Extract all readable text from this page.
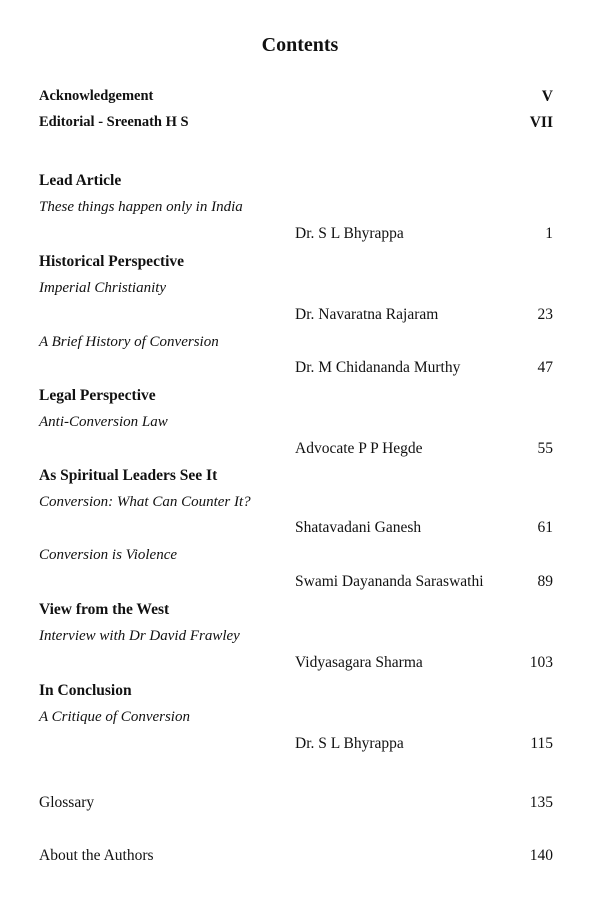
Contents
Acknowledgement	V
Editorial - Sreenath H S	VII
Lead Article
These things happen only in India
Dr. S L Bhyrappa	1
Historical Perspective
Imperial Christianity
Dr. Navaratna Rajaram	23
A Brief History of Conversion
Dr. M Chidananda Murthy	47
Legal Perspective
Anti-Conversion Law
Advocate P P Hegde	55
As Spiritual Leaders See It
Conversion: What Can Counter It?
Shatavadani Ganesh	61
Conversion is Violence
Swami Dayananda Saraswathi	89
View from the West
Interview with Dr David Frawley
Vidyasagara Sharma	103
In Conclusion
A Critique of Conversion
Dr. S L Bhyrappa	115
Glossary	135
About the Authors	140
